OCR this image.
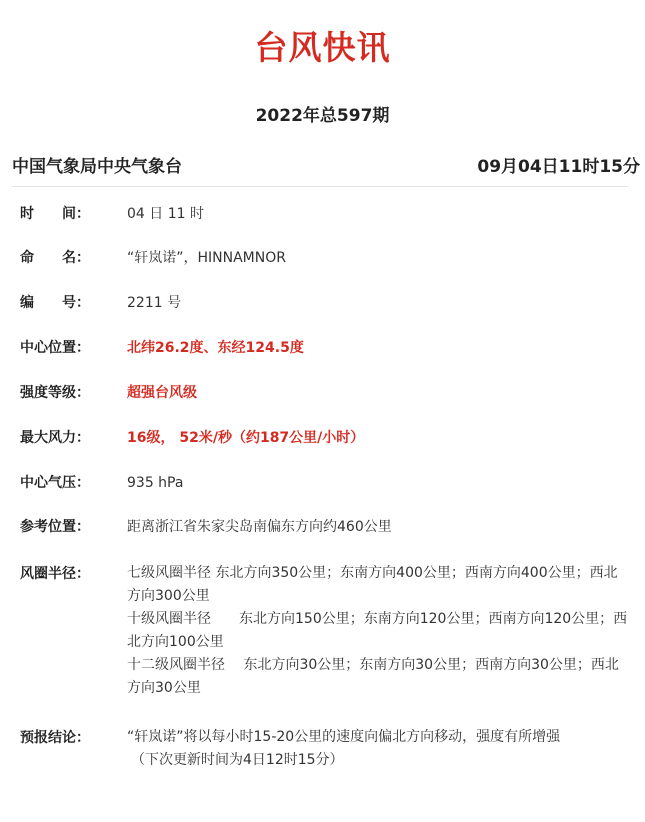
台风快讯
2022年总597期
中国气象局中央气象台	09月04日11时15分
时 间：	04 日 11 时
命 名：	“轩岚诺”，HINNAMNOR
编 号：	2211 号
中心位置：	北纬26.2度、东经124.5度
强度等级：	超强台风级
最大风力：	16级， 52米/秒（约187公里/小时）
中心气压：	935 hPa
参考位置：	距离浙江省朱家尖岛南偏东方向约460公里
风圈半径：	七级风圈半径 东北方向350公里；东南方向400公里；西南方向400公里；西北方向300公里
十级风圈半径　　东北方向150公里；东南方向120公里；西南方向120公里；西北方向100公里
十二级风圈半径　 东北方向30公里；东南方向30公里；西南方向30公里；西北方向30公里
预报结论：	“轩岚诺”将以每小时15-20公里的速度向偏北方向移动，强度有所增强
（下次更新时间为4日12时15分）
